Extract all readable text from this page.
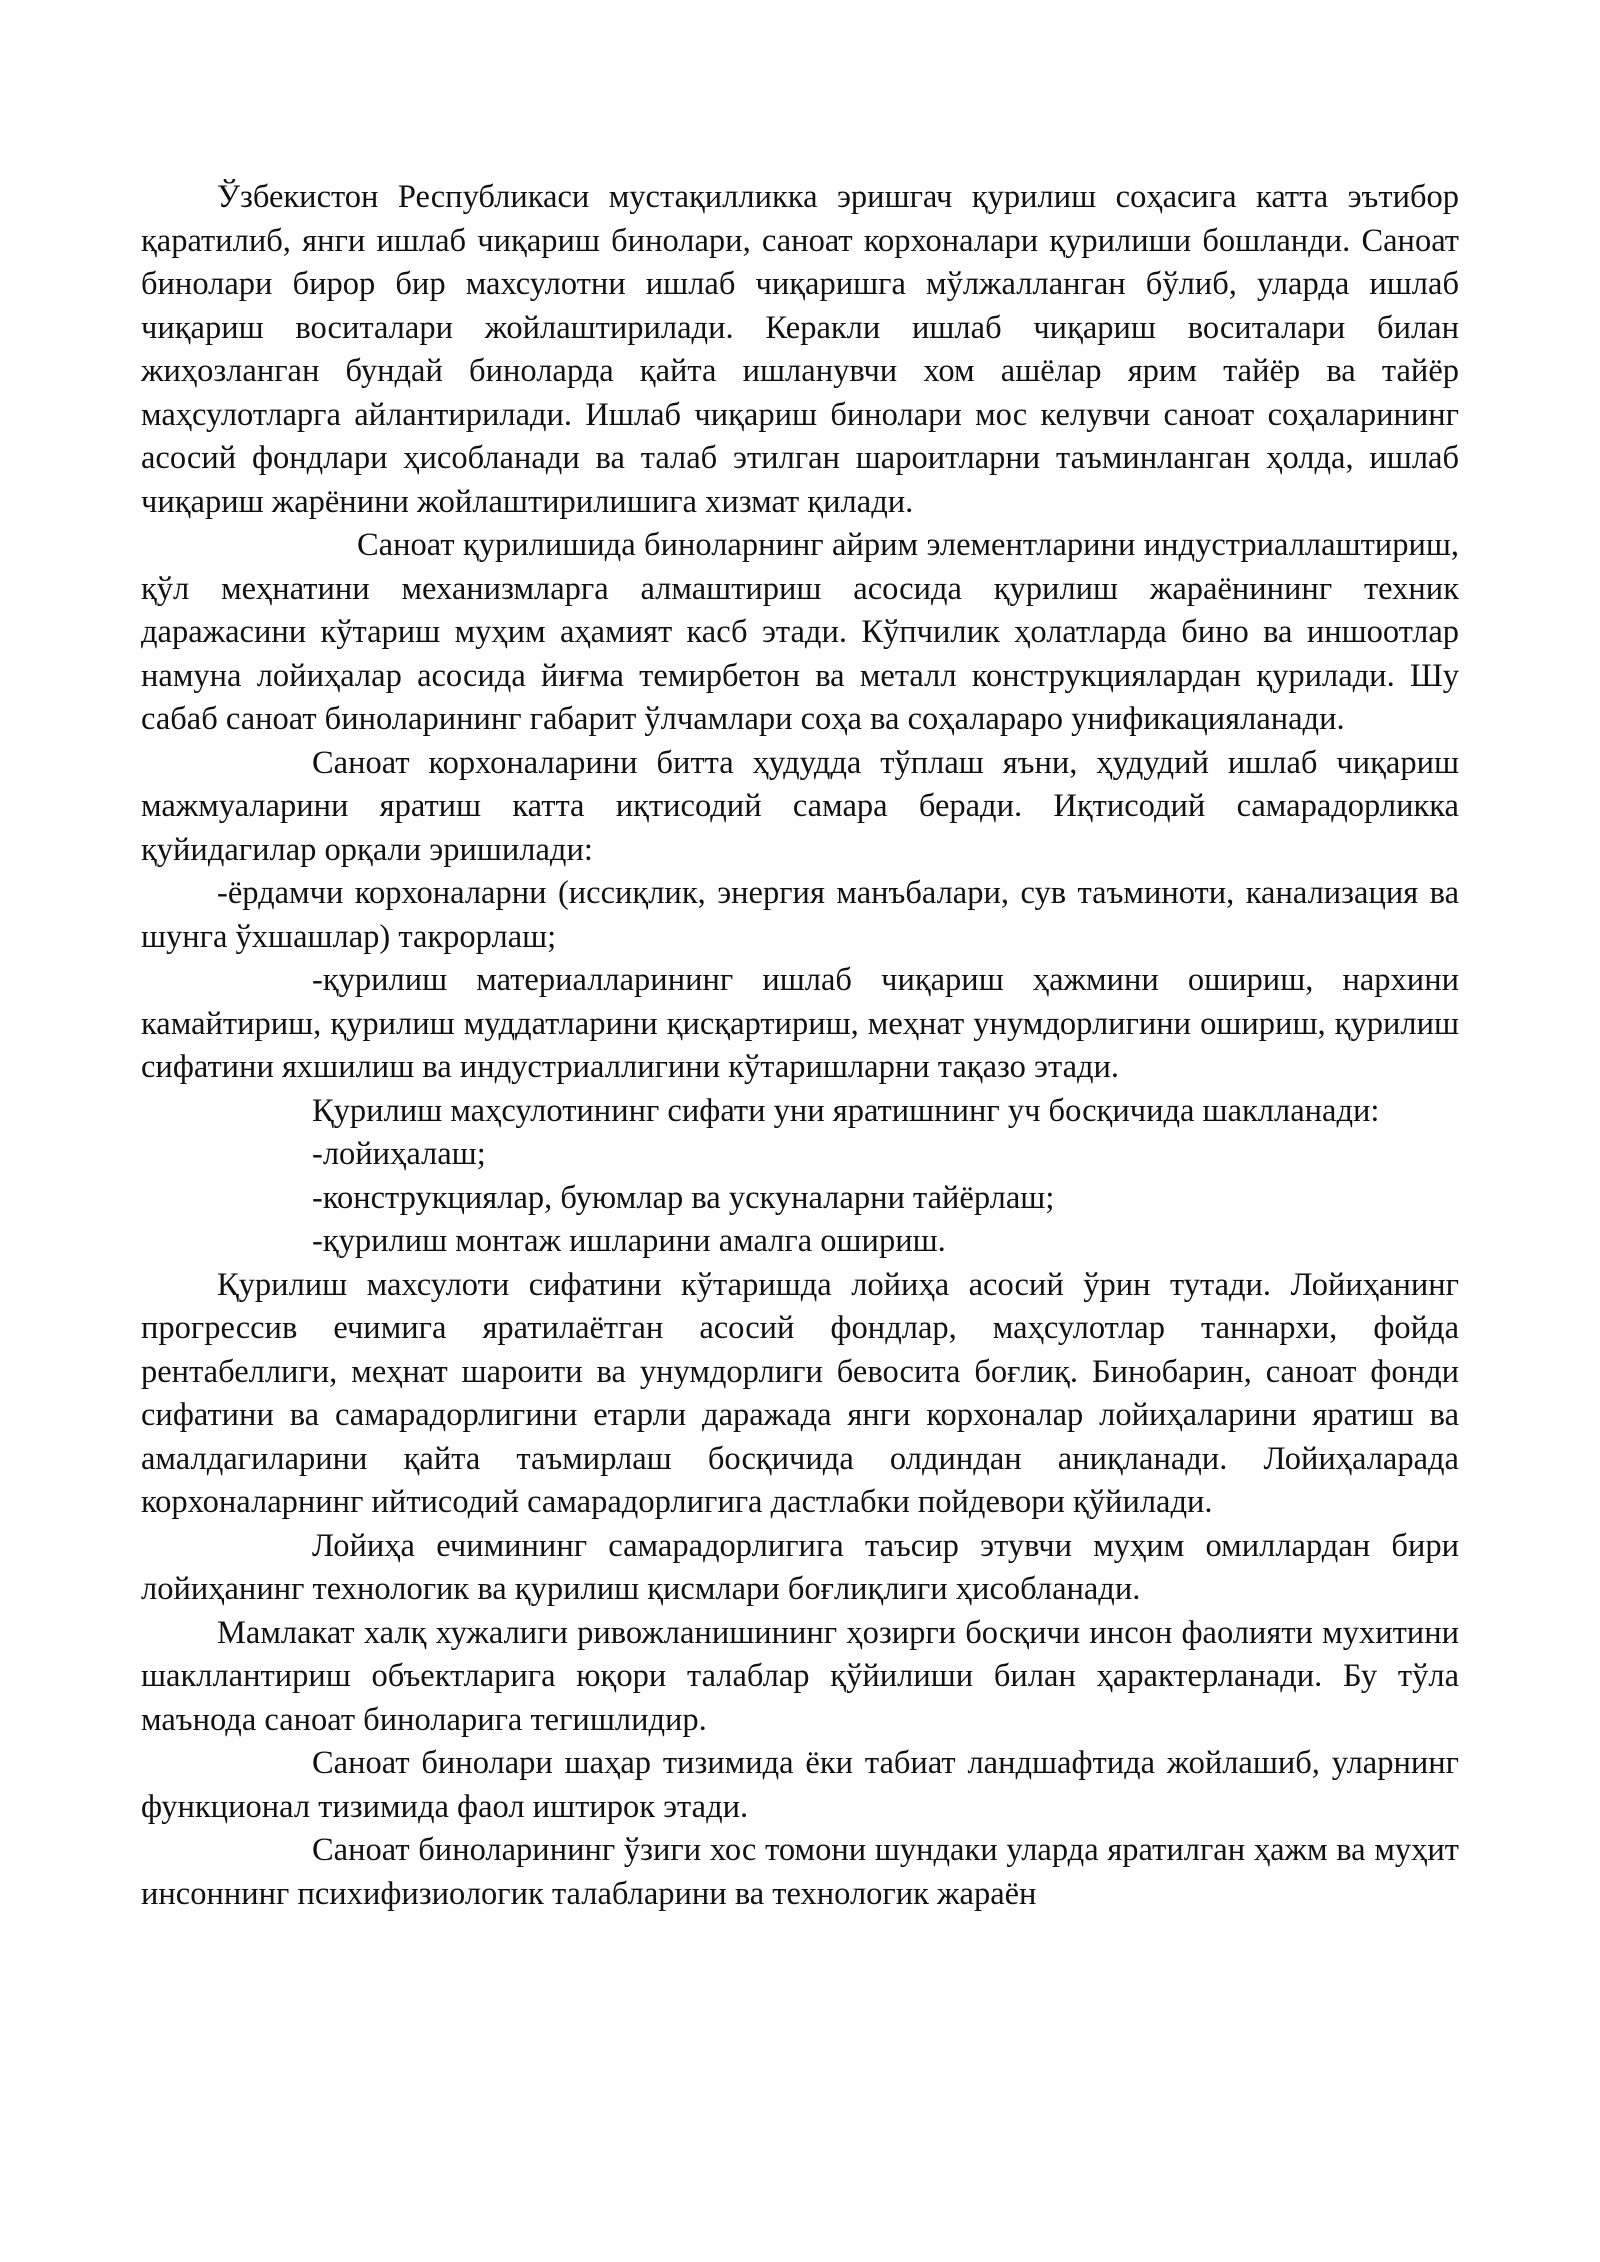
Ўзбекистон Республикаси мустақилликка эришгач қурилиш соҳасига катта эътибор қаратилиб, янги ишлаб чиқариш бинолари, саноат корхоналари қурилиши бошланди. Саноат бинолари бирор бир махсулотни ишлаб чиқаришга мўлжалланган бўлиб, уларда ишлаб чиқариш воситалари жойлаштирилади. Керакли ишлаб чиқариш воситалари билан жиҳозланган бундай биноларда қайта ишланувчи хом ашёлар ярим тайёр ва тайёр маҳсулотларга айлантирилади. Ишлаб чиқариш бинолари мос келувчи саноат соҳаларининг асосий фондлари ҳисобланади ва талаб этилган шароитларни таъминланган ҳолда, ишлаб чиқариш жарёнини жойлаштирилишига хизмат қилади.

Саноат қурилишида биноларнинг айрим элементларини индустриаллаштириш, қўл меҳнатини механизмларга алмаштириш асосида қурилиш жараёнининг техник даражасини кўтариш муҳим аҳамият касб этади. Кўпчилик ҳолатларда бино ва иншоотлар намуна лойиҳалар асосида йиғма темирбетон ва металл конструкциялардан қурилади. Шу сабаб саноат биноларининг габарит ўлчамлари соҳа ва соҳалараро унификацияланади.

Саноат корхоналарини битта ҳудудда тўплаш яъни, ҳудудий ишлаб чиқариш мажмуаларини яратиш катта иқтисодий самара беради. Иқтисодий самарадорликка қуйидагилар орқали эришилади:

-ёрдамчи корхоналарни (иссиқлик, энергия манъбалари, сув таъминоти, канализация ва шунга ўхшашлар) такрорлаш;

-қурилиш материалларининг ишлаб чиқариш ҳажмини ошириш, нархини камайтириш, қурилиш муддатларини қисқартириш, меҳнат унумдорлигини ошириш, қурилиш сифатини яхшилиш ва индустриаллигини кўтаришларни тақазо этади.

Қурилиш маҳсулотининг сифати уни яратишнинг уч босқичида шаклланади:

-лойиҳалаш;

-конструкциялар, буюмлар ва ускуналарни тайёрлаш;

-қурилиш монтаж ишларини амалга ошириш.

Қурилиш махсулоти сифатини кўтаришда лойиҳа асосий ўрин тутади. Лойиҳанинг прогрессив ечимига яратилаётган асосий фондлар, маҳсулотлар таннархи, фойда рентабеллиги, меҳнат шароити ва унумдорлиги бевосита боғлиқ. Бинобарин, саноат фонди сифатини ва самарадорлигини етарли даражада янги корхоналар лойиҳаларини яратиш ва амалдагиларини қайта таъмирлаш босқичида олдиндан аниқланади. Лойиҳаларада корхоналарнинг ийтисодий самарадорлигига дастлабки пойдевори қўйилади.

Лойиҳа ечимининг самарадорлигига таъсир этувчи муҳим омиллардан бири лойиҳанинг технологик ва қурилиш қисмлари боғлиқлиги ҳисобланади.

Мамлакат халқ хужалиги ривожланишининг ҳозирги босқичи инсон фаолияти мухитини шакллантириш объектларига юқори талаблар қўйилиши билан ҳарактерланади. Бу тўла маънода саноат биноларига тегишлидир.

Саноат бинолари шаҳар тизимида ёки табиат ландшафтида жойлашиб, уларнинг функционал тизимида фаол иштирок этади.

Саноат биноларининг ўзиги хос томони шундаки уларда яратилган ҳажм ва муҳит инсоннинг психифизиологик талабларини ва технологик жараён
